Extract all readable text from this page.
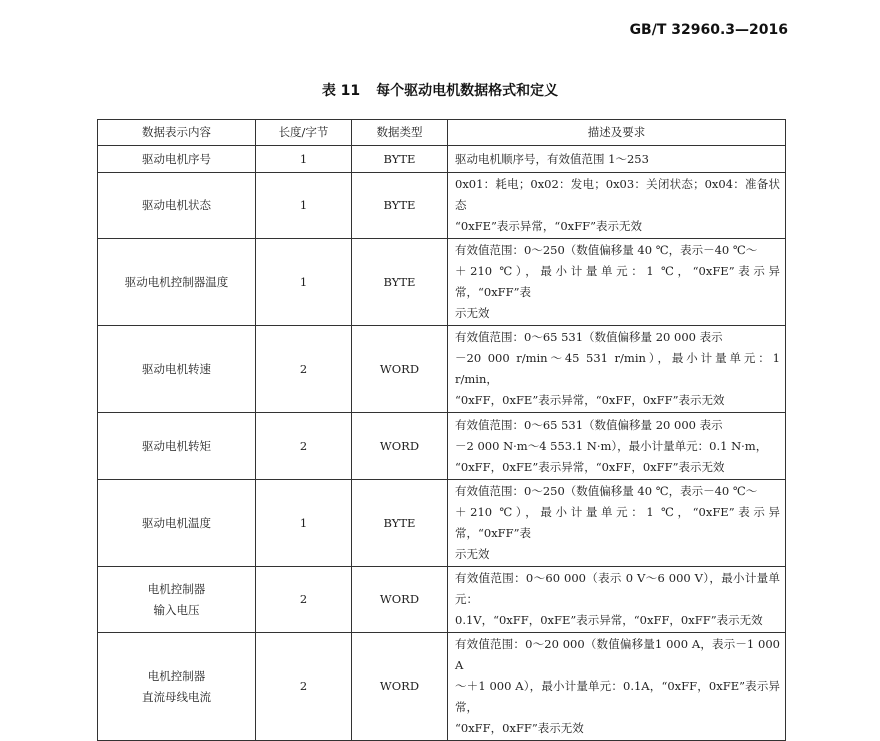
GB/T 32960.3—2016
表 11 每个驱动电机数据格式和定义
数据表示内容	长度/字节	数据类型	描述及要求
驱动电机序号	1	BYTE	驱动电机顺序号，有效值范围 1～253

驱动电机状态	1	BYTE	0x01：耗电；0x02：发电；0x03：关闭状态；0x04：准备状态
“0xFE”表示异常，“0xFF”表示无效

驱动电机控制器温度	1	BYTE	有效值范围：0～250（数值偏移量 40 ℃，表示－40 ℃～
＋210 ℃），最小计量单元：1 ℃，“0xFE”表示异常，“0xFF”表
示无效

驱动电机转速	2	WORD	有效值范围：0～65 531（数值偏移量 20 000 表示
－20 000 r/min～45 531 r/min），最小计量单元：1 r/min，
“0xFF，0xFE”表示异常，“0xFF，0xFF”表示无效

驱动电机转矩	2	WORD	有效值范围：0～65 531（数值偏移量 20 000 表示
－2 000 N·m～4 553.1 N·m），最小计量单元：0.1 N·m，
“0xFF，0xFE”表示异常，“0xFF，0xFF”表示无效

驱动电机温度	1	BYTE	有效值范围：0～250（数值偏移量 40 ℃，表示－40 ℃～
＋210 ℃），最小计量单元：1 ℃，“0xFE”表示异常，“0xFF”表
示无效

电机控制器
输入电压	2	WORD	有效值范围：0～60 000（表示 0 V～6 000 V），最小计量单元：
0.1V，“0xFF，0xFE”表示异常，“0xFF，0xFF”表示无效

电机控制器
直流母线电流	2	WORD	有效值范围：0～20 000（数值偏移量1 000 A，表示－1 000 A
～＋1 000 A），最小计量单元：0.1A，“0xFF，0xFE”表示异常，
“0xFF，0xFF”表示无效
